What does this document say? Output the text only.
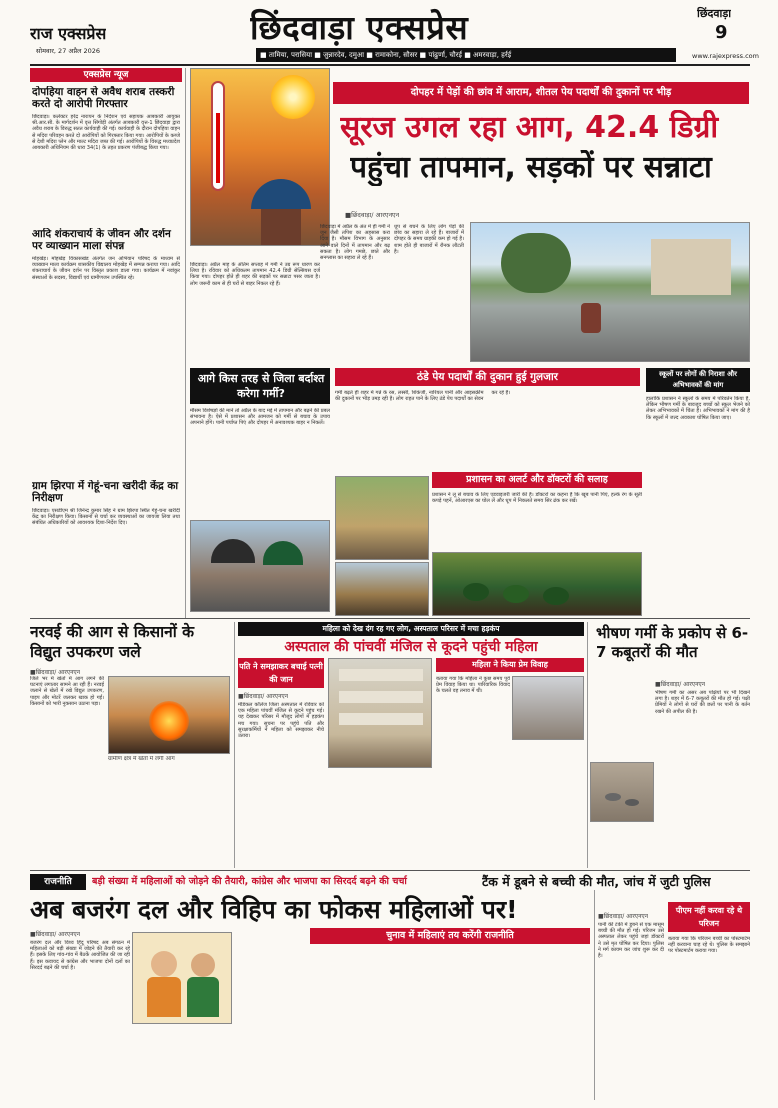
राज एक्सप्रेस
सोमवार, 27 अप्रैल 2026
छिंदवाड़ा एक्सप्रेस
■ तामिया, परासिया ■ जुन्नारदेव, दमुआ ■ रामाकोना, सौसर ■ पांढुर्णा, चौरई ■ अमरवाड़ा, हर्रई
छिंदवाड़ा
9
www.rajexpress.com
एक्सप्रेस न्यूज
दोपहिया वाहन से अवैध शराब तस्करी करते दो आरोपी गिरफ्तार
छिंदवाड़ा। कलेक्टर हरेंद्र नारायन के निर्देशन एवं सहायक आबकारी आयुक्त श्री.आर.सी. के मार्गदर्शन में वृत्त सिंगोड़ी अंतर्गत आबकारी वृत्त-1 छिंदवाड़ा द्वारा अवैध शराब के विरुद्ध सतत कार्यवाही की गई। कार्यवाही के दौरान दोपहिया वाहन से मदिरा परिवहन करते दो आरोपियों को गिरफ्तार किया गया। आरोपियों के कब्जे से देशी मदिरा प्लेन और माल्ट मदिरा जब्त की गई। आरोपियों के विरुद्ध मध्यप्रदेश आबकारी अधिनियम की धारा 34(1) के तहत प्रकरण पंजीबद्ध किया गया।
आदि शंकराचार्य के जीवन और दर्शन पर व्याख्यान माला संपन्न
मोहखेड़। मोहखेड़ विकासखंड अंतर्गत जन अभियान परिषद के माध्यम से व्याख्यान माला कार्यक्रम शासकीय विद्यालय मोहखेड़ में सम्पन्न कराया गया। आदि शंकराचार्य के जीवन दर्शन पर विस्तृत प्रकाश डाला गया। कार्यक्रम में नवांकुर संस्थाओं के सदस्य, विद्यार्थी एवं ग्रामीणजन उपस्थित रहे।
ग्राम झिरपा में गेहूं-चना खरीदी केंद्र का निरीक्षण
छिंदवाड़ा। एसडीएम श्री जिनेन्द्र कुमार सिंह ने ग्राम झिरपा स्थित गेहूं-चना खरीदी केंद्र का निरीक्षण किया। किसानों से चर्चा कर व्यवस्थाओं का जायजा लिया तथा संबंधित अधिकारियों को आवश्यक दिशा-निर्देश दिए।
दोपहर में पेड़ों की छांव में आराम, शीतल पेय पदार्थों की दुकानों पर भीड़
सूरज उगल रहा आग, 42.4 डिग्री
पहुंचा तापमान, सड़कों पर सन्नाटा
■छिंदवाड़ा/ आरएनएन
छिंदवाड़ा। अप्रैल माह के अंतिम सप्ताह में गर्मी ने उग्र रूप धारण कर लिया है। रविवार को अधिकतम तापमान 42.4 डिग्री सेल्सियस दर्ज किया गया। दोपहर होते ही शहर की सड़कों पर सन्नाटा पसर जाता है। लोग जरूरी काम से ही घरों से बाहर निकल रहे हैं।
छिंदवाड़ा में अप्रैल के अंत में ही गर्मी ने जून जैसी तपिश का अहसास करा दिया है। मौसम विभाग के अनुसार आने वाले दिनों में तापमान और बढ़ सकता है। लोग गमछे, छाते और सनग्लास का सहारा ले रहे हैं।
धूप से बचने के लिए लोग पेड़ों की छांव का सहारा ले रहे हैं। बाजारों में दोपहर के समय ग्राहकी कम हो गई है। शाम होते ही बाजारों में रौनक लौटती है।
आगे किस तरह से जिला बर्दाश्त करेगा गर्मी?
मौसम विशेषज्ञों की मानें तो अप्रैल के बाद मई में तापमान और बढ़ने की प्रबल संभावना है। ऐसे में प्रशासन और आमजन को गर्मी से बचाव के उपाय अपनाने होंगे। पानी पर्याप्त पिएं और दोपहर में अनावश्यक बाहर न निकलें।
ठंडे पेय पदार्थों की दुकान हुई गुलजार
गर्मी बढ़ते ही शहर में गन्ने के रस, लस्सी, शिकंजी, नारियल पानी और आइसक्रीम की दुकानों पर भीड़ उमड़ रही है। लोग राहत पाने के लिए ठंडे पेय पदार्थों का सेवन कर रहे हैं।
प्रशासन का अलर्ट और डॉक्टरों की सलाह
प्रशासन ने लू से बचाव के लिए एडवाइजरी जारी की है। डॉक्टरों का कहना है कि खूब पानी पिएं, हल्के रंग के सूती कपड़े पहनें, ओआरएस का घोल लें और धूप में निकलते समय सिर ढंक कर रखें।
स्कूलों पर लोगों की निराशा और अभिभावकों की मांग
हालांकि प्रशासन ने स्कूलों के समय में परिवर्तन किया है, लेकिन भीषण गर्मी के बावजूद बच्चों को स्कूल भेजने को लेकर अभिभावकों में चिंता है। अभिभावकों ने मांग की है कि स्कूलों में जल्द अवकाश घोषित किया जाए।
नरवई की आग से किसानों के विद्युत उपकरण जले
■छिंदवाड़ा/ आरएनएन
जिले भर में खेतों में आग लगने की घटनाएं लगातार सामने आ रही हैं। नरवई जलाने से खेतों में रखे विद्युत उपकरण, पाइप और मोटरें जलकर खाक हो गईं। किसानों को भारी नुकसान उठाना पड़ा।
ग्रामीण क्षेत्र में खेतों में लगी आग
महिला को देख दंग रह गए लोग, अस्पताल परिसर में मचा हड़कंप
अस्पताल की पांचवीं मंजिल से कूदने पहुंची महिला
पति ने समझाकर बचाई पत्नी की जान
■छिंदवाड़ा/ आरएनएन
मेडिकल कॉलेज जिला अस्पताल में रविवार को एक महिला पांचवीं मंजिल से कूदने पहुंच गई। यह देखकर परिसर में मौजूद लोगों में हड़कंप मच गया। सूचना पर पहुंचे पति और सुरक्षाकर्मियों ने महिला को समझाकर नीचे उतारा।
महिला ने किया प्रेम विवाह
बताया गया कि महिला ने कुछ समय पूर्व प्रेम विवाह किया था। पारिवारिक विवाद के चलते वह तनाव में थी।
■छिंदवाड़ा/ आरएनएन
भीषण गर्मी का असर अब पक्षियों पर भी दिखने लगा है। शहर में 6-7 कबूतरों की मौत हो गई। पक्षी प्रेमियों ने लोगों से घरों की छतों पर पानी के बर्तन रखने की अपील की है।
राजनीति	बड़ी संख्या में महिलाओं को जोड़ने की तैयारी, कांग्रेस और भाजपा का सिरदर्द बढ़ने की चर्चा
अब बजरंग दल और विहिप का फोकस महिलाओं पर!
■छिंदवाड़ा/ आरएनएन
बजरंग दल और विश्व हिंदू परिषद अब संगठन में महिलाओं को बड़ी संख्या में जोड़ने की तैयारी कर रहे हैं। इसके लिए गांव-गांव में बैठकें आयोजित की जा रही हैं। इस कवायद से कांग्रेस और भाजपा दोनों दलों का सिरदर्द बढ़ने की चर्चा है।
चुनाव में महिलाएं तय करेंगी राजनीति
■छिंदवाड़ा/ आरएनएन
पानी की टंकी में डूबने से एक मासूम बच्ची की मौत हो गई। परिजन उसे अस्पताल लेकर पहुंचे जहां डॉक्टरों ने उसे मृत घोषित कर दिया। पुलिस ने मर्ग कायम कर जांच शुरू कर दी है।
पीएम नहीं करवा रहे थे परिजन
बताया गया कि परिजन बच्ची का पोस्टमार्टम नहीं करवाना चाह रहे थे। पुलिस के समझाने पर पोस्टमार्टम कराया गया।
भीषण गर्मी के प्रकोप से 6-7 कबूतरों की मौत
टैंक में डूबने से बच्ची की मौत, जांच में जुटी पुलिस
